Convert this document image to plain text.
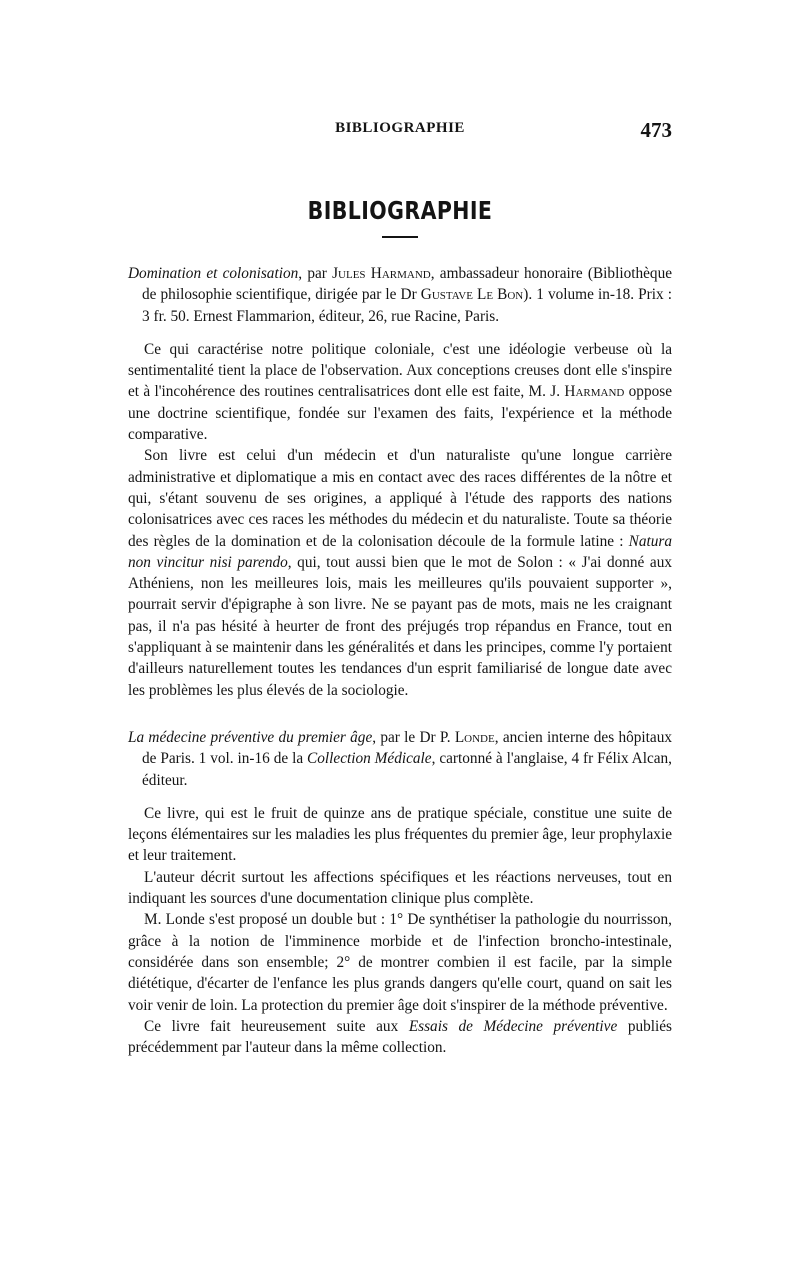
BIBLIOGRAPHIE	473
BIBLIOGRAPHIE

Domination et colonisation, par Jules Harmand, ambassadeur honoraire (Bibliothèque de philosophie scientifique, dirigée par le Dr Gustave Le Bon). 1 volume in-18. Prix : 3 fr. 50. Ernest Flammarion, éditeur, 26, rue Racine, Paris.

Ce qui caractérise notre politique coloniale, c'est une idéologie verbeuse où la sentimentalité tient la place de l'observation. Aux conceptions creuses dont elle s'inspire et à l'incohérence des routines centralisatrices dont elle est faite, M. J. Harmand oppose une doctrine scientifique, fondée sur l'examen des faits, l'expérience et la méthode comparative.

Son livre est celui d'un médecin et d'un naturaliste qu'une longue carrière administrative et diplomatique a mis en contact avec des races différentes de la nôtre et qui, s'étant souvenu de ses origines, a appliqué à l'étude des rapports des nations colonisatrices avec ces races les méthodes du médecin et du naturaliste. Toute sa théorie des règles de la domination et de la colonisation découle de la formule latine : Natura non vincitur nisi parendo, qui, tout aussi bien que le mot de Solon : « J'ai donné aux Athéniens, non les meilleures lois, mais les meilleures qu'ils pouvaient supporter », pourrait servir d'épigraphe à son livre. Ne se payant pas de mots, mais ne les craignant pas, il n'a pas hésité à heurter de front des préjugés trop répandus en France, tout en s'appliquant à se maintenir dans les généralités et dans les principes, comme l'y portaient d'ailleurs naturellement toutes les tendances d'un esprit familiarisé de longue date avec les problèmes les plus élevés de la sociologie.

La médecine préventive du premier âge, par le Dr P. Londe, ancien interne des hôpitaux de Paris. 1 vol. in-16 de la Collection Médicale, cartonné à l'anglaise, 4 fr Félix Alcan, éditeur.

Ce livre, qui est le fruit de quinze ans de pratique spéciale, constitue une suite de leçons élémentaires sur les maladies les plus fréquentes du premier âge, leur prophylaxie et leur traitement.

L'auteur décrit surtout les affections spécifiques et les réactions nerveuses, tout en indiquant les sources d'une documentation clinique plus complète.

M. Londe s'est proposé un double but : 1° De synthétiser la pathologie du nourrisson, grâce à la notion de l'imminence morbide et de l'infection broncho-intestinale, considérée dans son ensemble; 2° de montrer combien il est facile, par la simple diététique, d'écarter de l'enfance les plus grands dangers qu'elle court, quand on sait les voir venir de loin. La protection du premier âge doit s'inspirer de la méthode préventive.

Ce livre fait heureusement suite aux Essais de Médecine préventive publiés précédemment par l'auteur dans la même collection.
